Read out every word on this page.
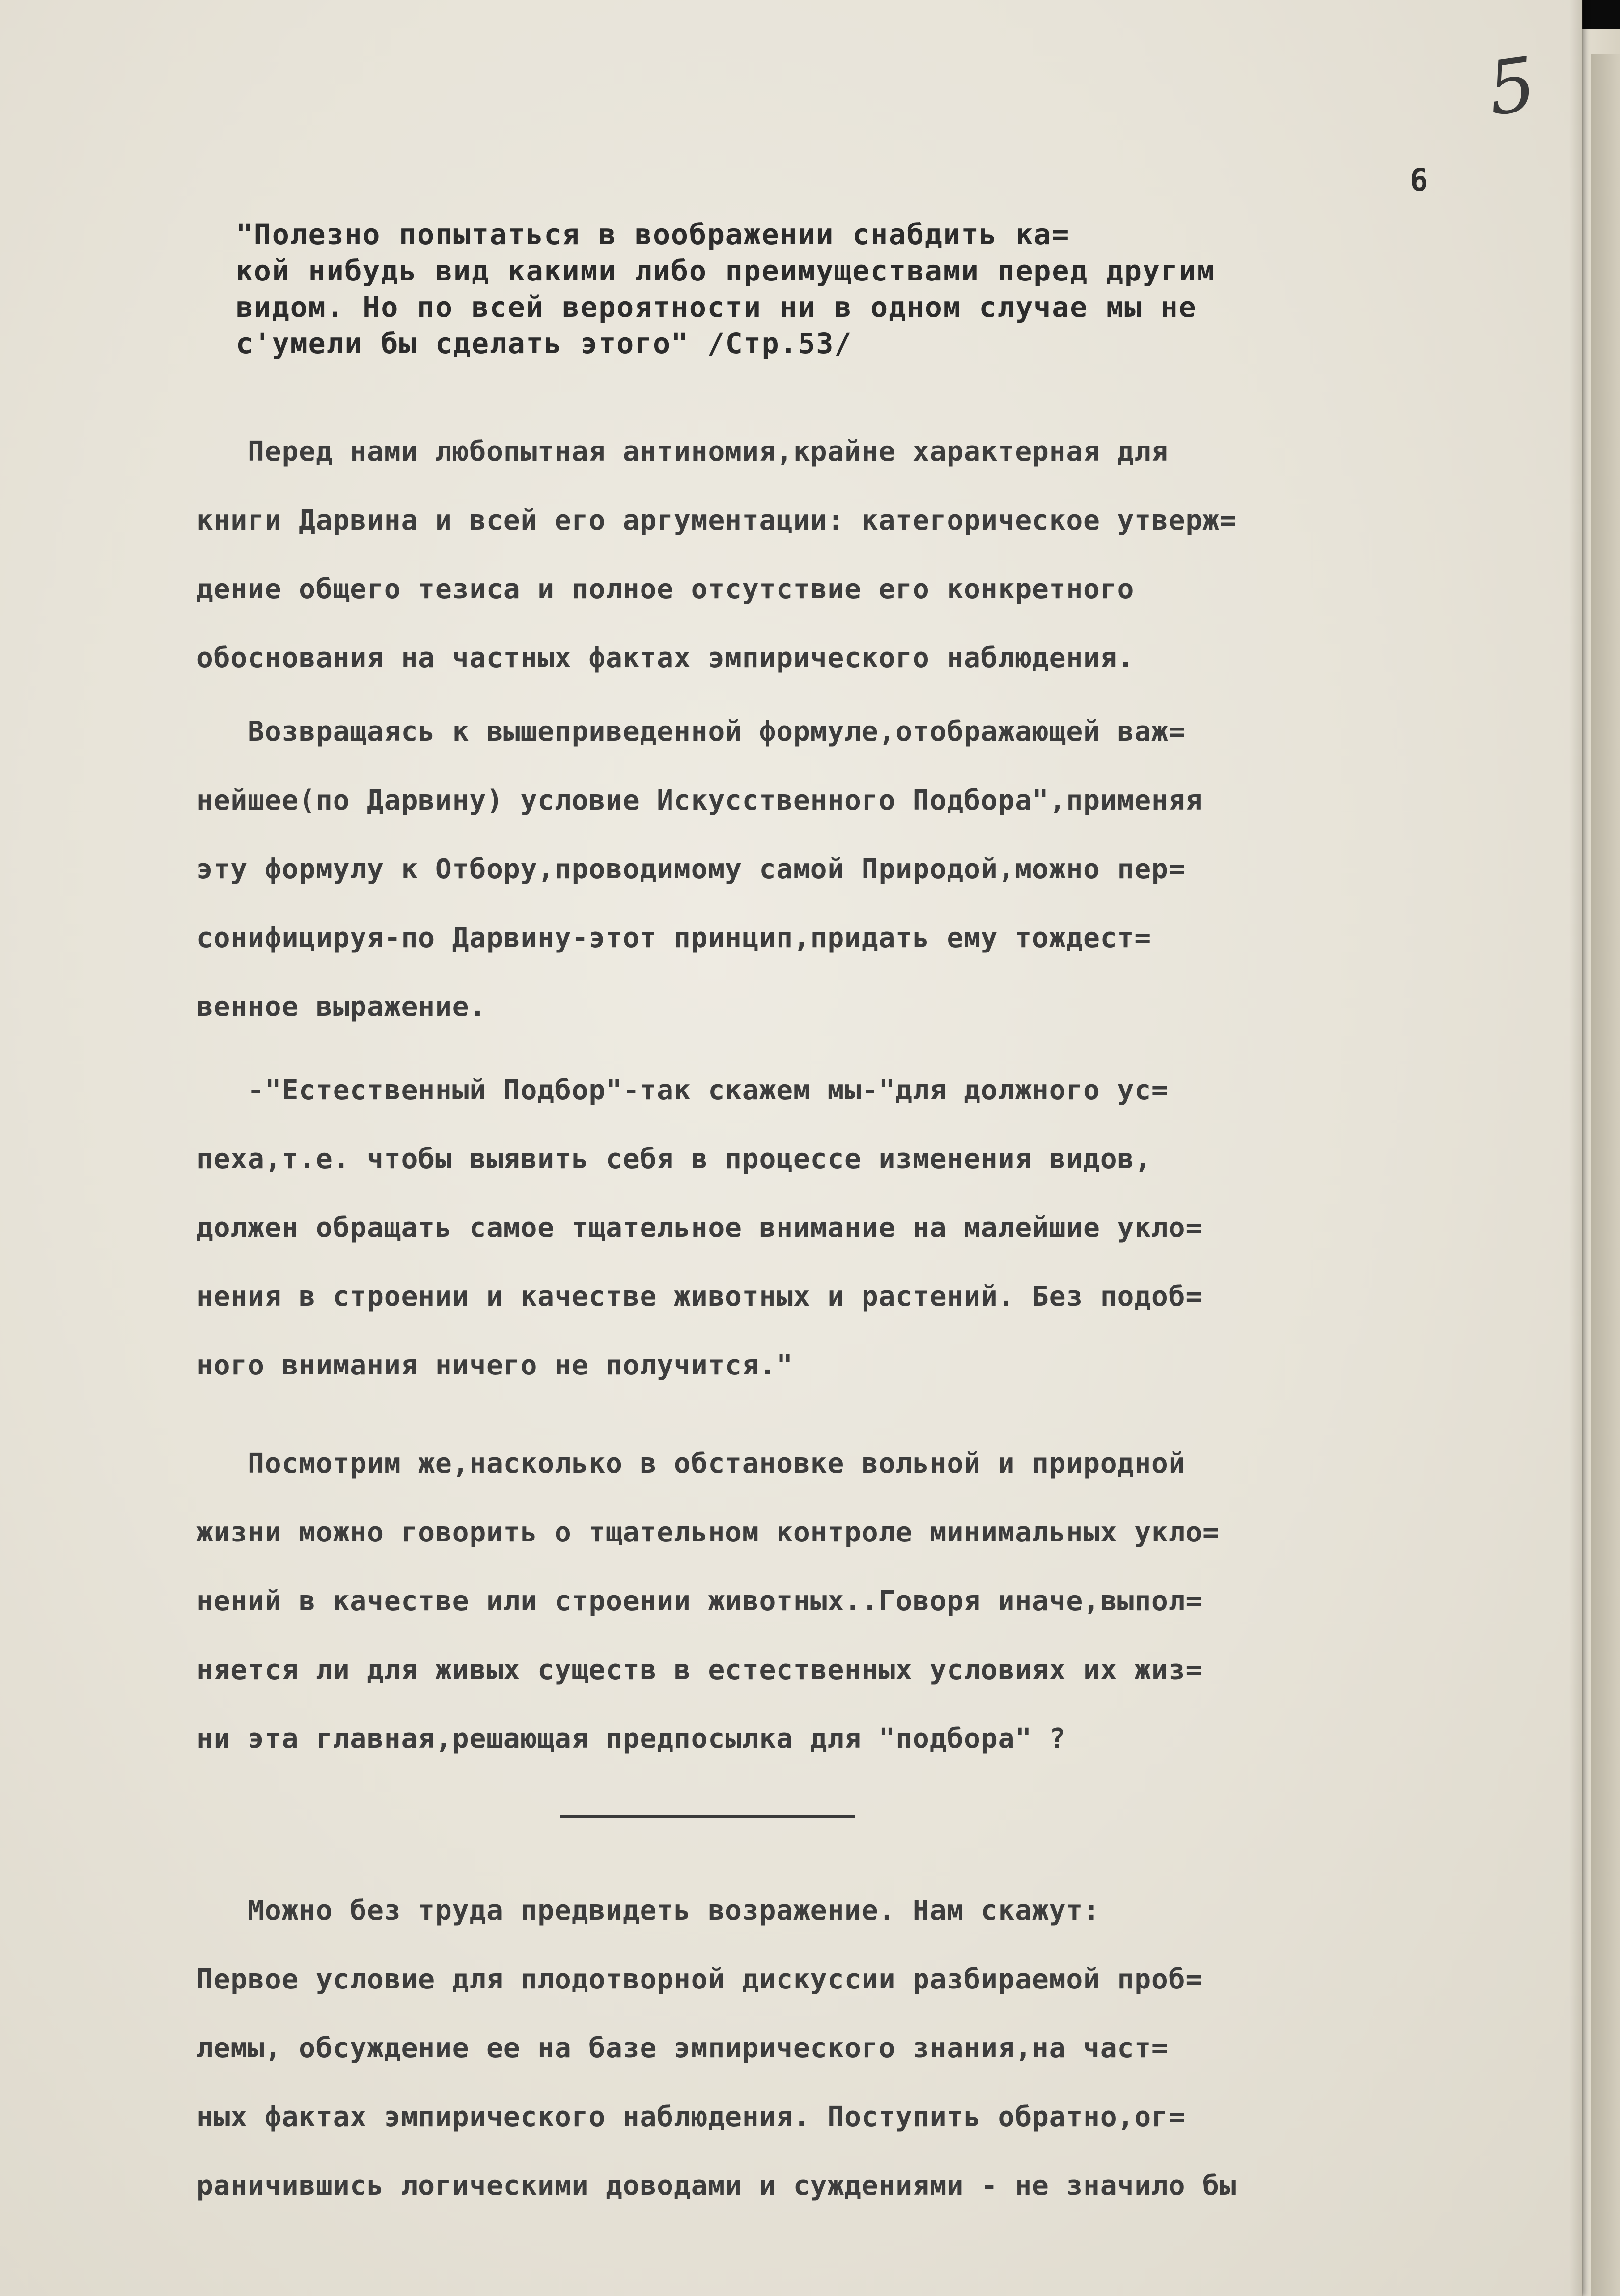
5
6
"Полезно попытаться в воображении снабдить ка=
кой нибудь вид какими либо преимуществами перед другим
видом. Но по всей вероятности ни в одном случае мы не
с'умели бы сделать этого" /Стр.53/
Перед нами любопытная антиномия,крайне характерная для
книги Дарвина и всей его аргументации: категорическое утверж=
дение общего тезиса и полное отсутствие его конкретного
обоснования на частных фактах эмпирического наблюдения.
Возвращаясь к вышеприведенной формуле,отображающей важ=
нейшее(по Дарвину) условие Искусственного Подбора",применяя
эту формулу к Отбору,проводимому самой Природой,можно пер=
сонифицируя-по Дарвину-этот принцип,придать ему тождест=
венное выражение.
-"Естественный Подбор"-так скажем мы-"для должного ус=
пеха,т.е. чтобы выявить себя в процессе изменения видов,
должен обращать самое тщательное внимание на малейшие укло=
нения в строении и качестве животных и растений. Без подоб=
ного внимания ничего не получится."
Посмотрим же,насколько в обстановке вольной и природной
жизни можно говорить о тщательном контроле минимальных укло=
нений в качестве или строении животных..Говоря иначе,выпол=
няется ли для живых существ в естественных условиях их жиз=
ни эта главная,решающая предпосылка для "подбора" ?
Можно без труда предвидеть возражение. Нам скажут:
Первое условие для плодотворной дискуссии разбираемой проб=
лемы, обсуждение ее на базе эмпирического знания,на част=
ных фактах эмпирического наблюдения. Поступить обратно,ог=
раничившись логическими доводами и суждениями - не значило бы
